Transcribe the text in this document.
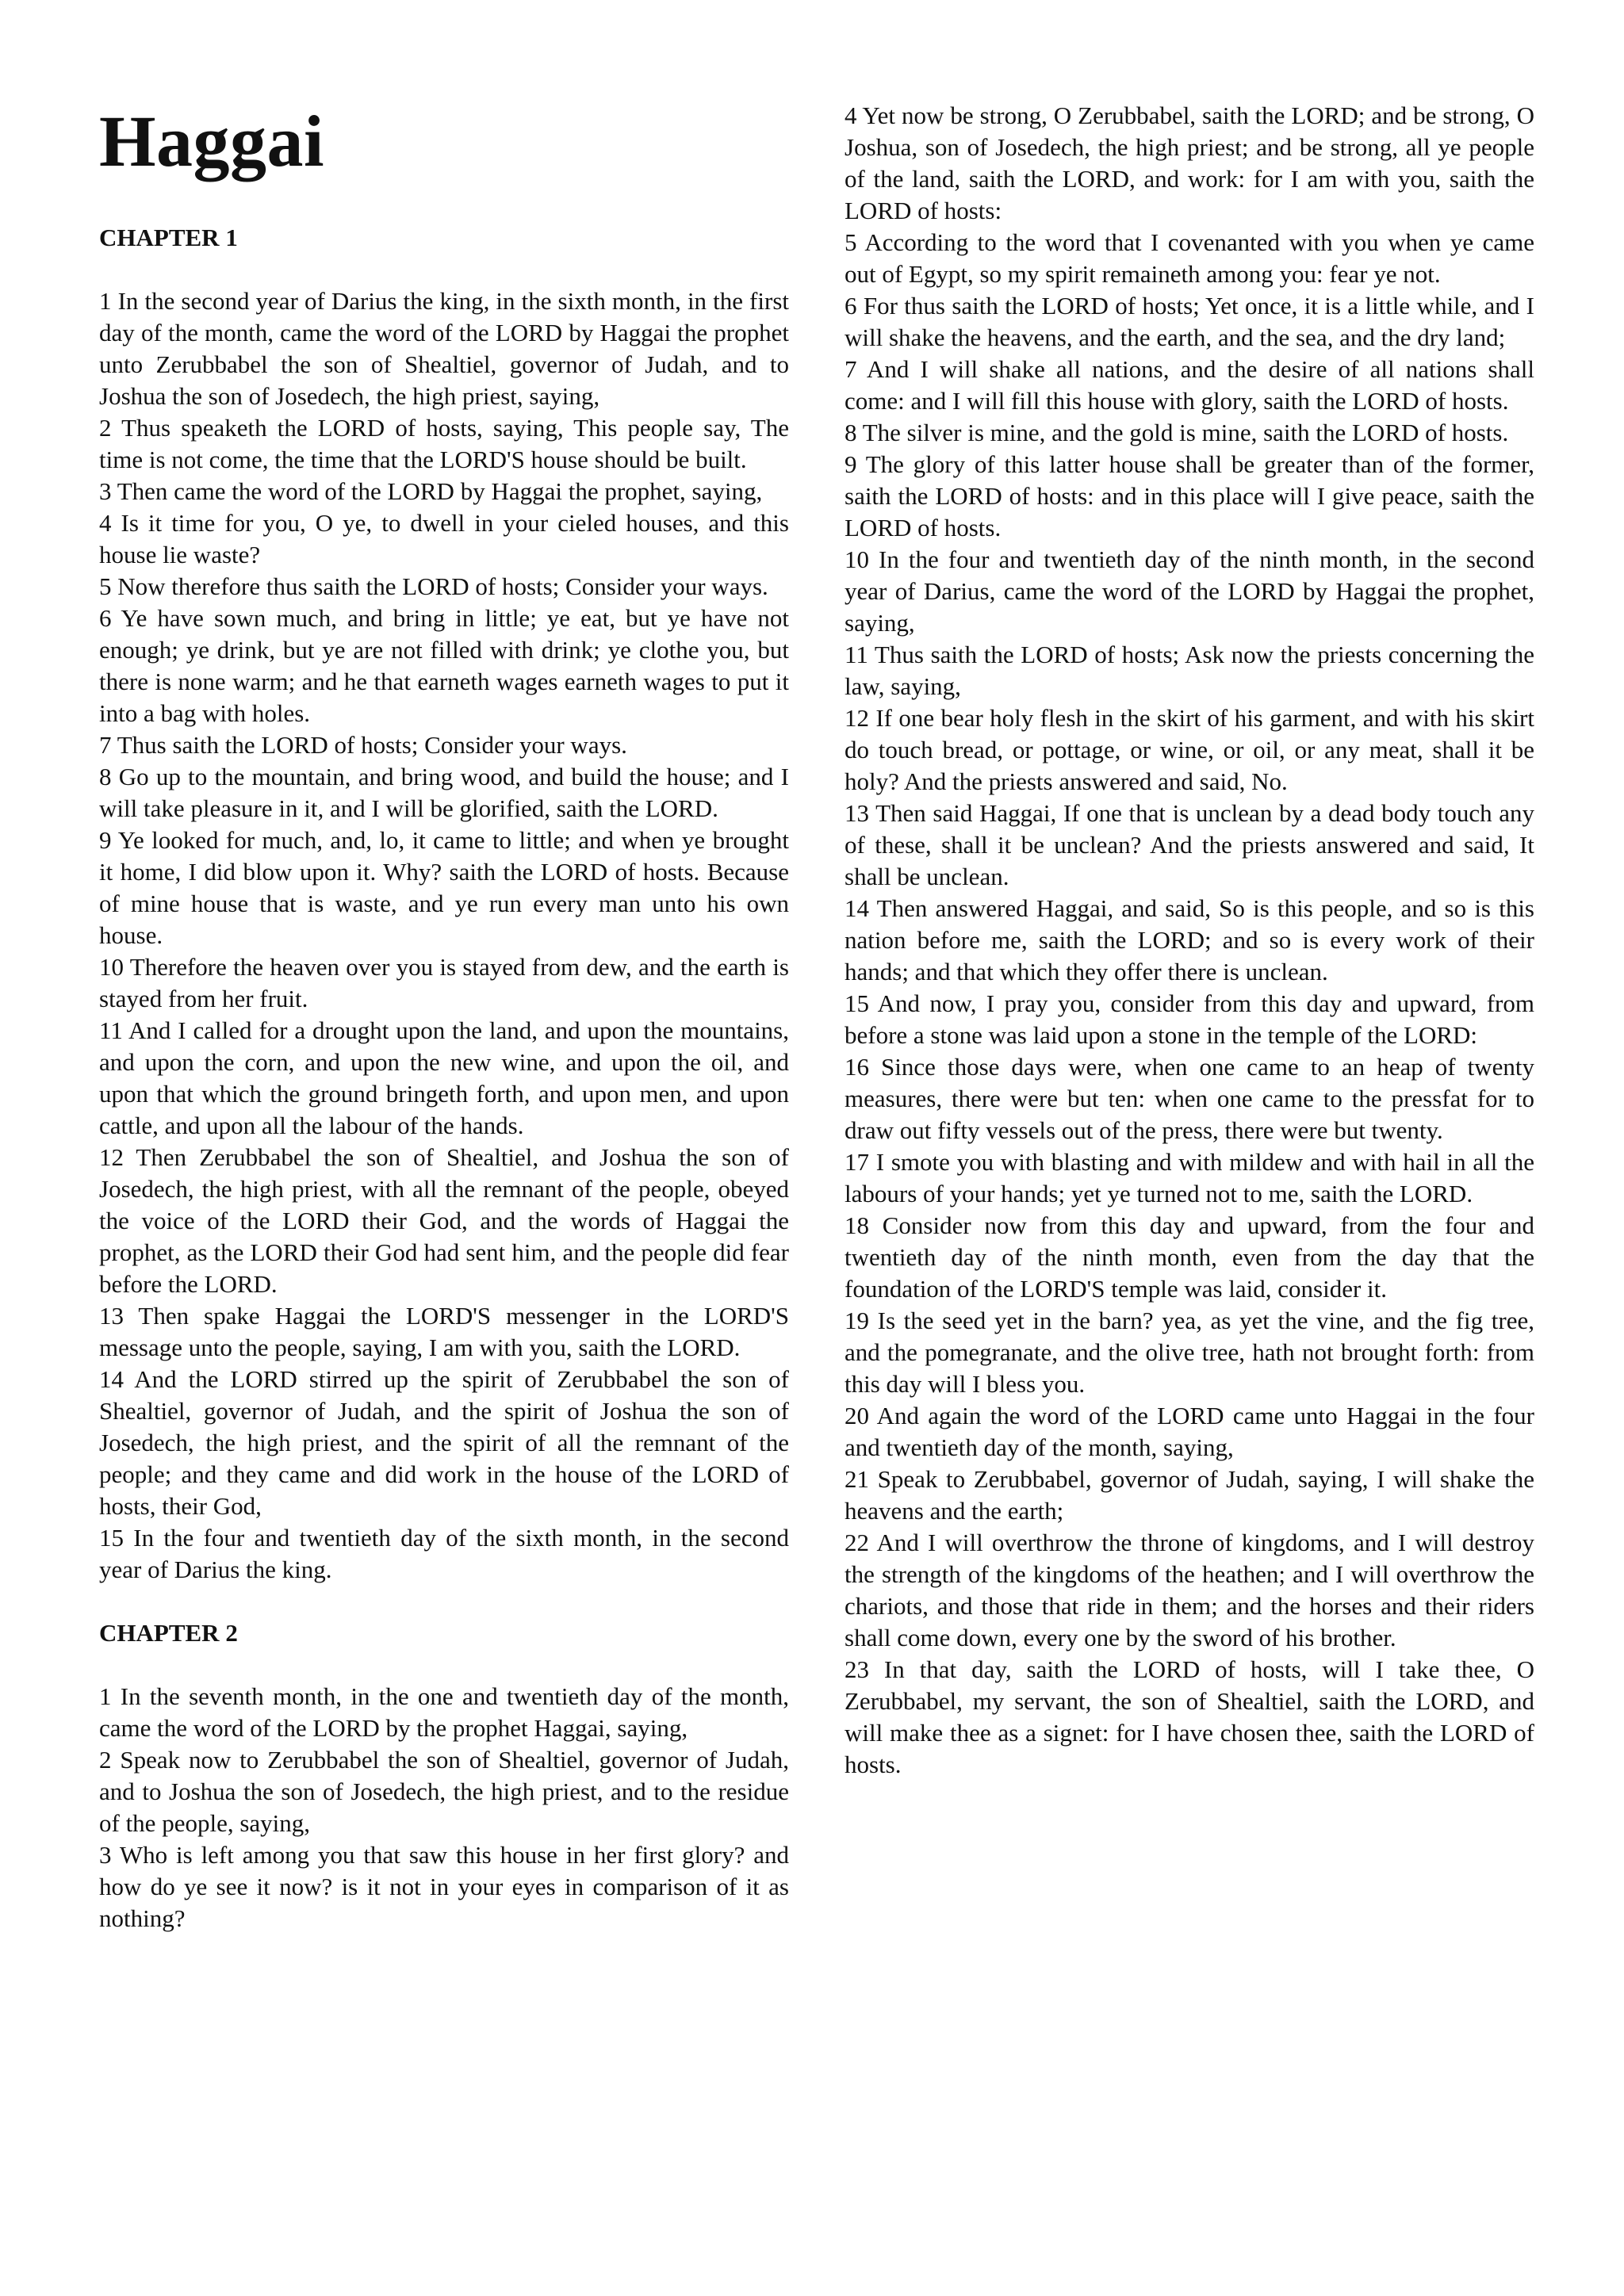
Haggai
CHAPTER 1

1 In the second year of Darius the king, in the sixth month, in the first day of the month, came the word of the LORD by Haggai the prophet unto Zerubbabel the son of Shealtiel, governor of Judah, and to Joshua the son of Josedech, the high priest, saying,

2 Thus speaketh the LORD of hosts, saying, This people say, The time is not come, the time that the LORD'S house should be built.

3 Then came the word of the LORD by Haggai the prophet, saying,

4 Is it time for you, O ye, to dwell in your cieled houses, and this house lie waste?

5 Now therefore thus saith the LORD of hosts; Consider your ways.

6 Ye have sown much, and bring in little; ye eat, but ye have not enough; ye drink, but ye are not filled with drink; ye clothe you, but there is none warm; and he that earneth wages earneth wages to put it into a bag with holes.

7 Thus saith the LORD of hosts; Consider your ways.

8 Go up to the mountain, and bring wood, and build the house; and I will take pleasure in it, and I will be glorified, saith the LORD.

9 Ye looked for much, and, lo, it came to little; and when ye brought it home, I did blow upon it. Why? saith the LORD of hosts. Because of mine house that is waste, and ye run every man unto his own house.

10 Therefore the heaven over you is stayed from dew, and the earth is stayed from her fruit.

11 And I called for a drought upon the land, and upon the mountains, and upon the corn, and upon the new wine, and upon the oil, and upon that which the ground bringeth forth, and upon men, and upon cattle, and upon all the labour of the hands.

12 Then Zerubbabel the son of Shealtiel, and Joshua the son of Josedech, the high priest, with all the remnant of the people, obeyed the voice of the LORD their God, and the words of Haggai the prophet, as the LORD their God had sent him, and the people did fear before the LORD.

13 Then spake Haggai the LORD'S messenger in the LORD'S message unto the people, saying, I am with you, saith the LORD.

14 And the LORD stirred up the spirit of Zerubbabel the son of Shealtiel, governor of Judah, and the spirit of Joshua the son of Josedech, the high priest, and the spirit of all the remnant of the people; and they came and did work in the house of the LORD of hosts, their God,

15 In the four and twentieth day of the sixth month, in the second year of Darius the king.

CHAPTER 2

1 In the seventh month, in the one and twentieth day of the month, came the word of the LORD by the prophet Haggai, saying,

2 Speak now to Zerubbabel the son of Shealtiel, governor of Judah, and to Joshua the son of Josedech, the high priest, and to the residue of the people, saying,

3 Who is left among you that saw this house in her first glory? and how do ye see it now? is it not in your eyes in comparison of it as nothing?

4 Yet now be strong, O Zerubbabel, saith the LORD; and be strong, O Joshua, son of Josedech, the high priest; and be strong, all ye people of the land, saith the LORD, and work: for I am with you, saith the LORD of hosts:

5 According to the word that I covenanted with you when ye came out of Egypt, so my spirit remaineth among you: fear ye not.

6 For thus saith the LORD of hosts; Yet once, it is a little while, and I will shake the heavens, and the earth, and the sea, and the dry land;

7 And I will shake all nations, and the desire of all nations shall come: and I will fill this house with glory, saith the LORD of hosts.

8 The silver is mine, and the gold is mine, saith the LORD of hosts.

9 The glory of this latter house shall be greater than of the former, saith the LORD of hosts: and in this place will I give peace, saith the LORD of hosts.

10 In the four and twentieth day of the ninth month, in the second year of Darius, came the word of the LORD by Haggai the prophet, saying,

11 Thus saith the LORD of hosts; Ask now the priests concerning the law, saying,

12 If one bear holy flesh in the skirt of his garment, and with his skirt do touch bread, or pottage, or wine, or oil, or any meat, shall it be holy? And the priests answered and said, No.

13 Then said Haggai, If one that is unclean by a dead body touch any of these, shall it be unclean? And the priests answered and said, It shall be unclean.

14 Then answered Haggai, and said, So is this people, and so is this nation before me, saith the LORD; and so is every work of their hands; and that which they offer there is unclean.

15 And now, I pray you, consider from this day and upward, from before a stone was laid upon a stone in the temple of the LORD:

16 Since those days were, when one came to an heap of twenty measures, there were but ten: when one came to the pressfat for to draw out fifty vessels out of the press, there were but twenty.

17 I smote you with blasting and with mildew and with hail in all the labours of your hands; yet ye turned not to me, saith the LORD.

18 Consider now from this day and upward, from the four and twentieth day of the ninth month, even from the day that the foundation of the LORD'S temple was laid, consider it.

19 Is the seed yet in the barn? yea, as yet the vine, and the fig tree, and the pomegranate, and the olive tree, hath not brought forth: from this day will I bless you.

20 And again the word of the LORD came unto Haggai in the four and twentieth day of the month, saying,

21 Speak to Zerubbabel, governor of Judah, saying, I will shake the heavens and the earth;

22 And I will overthrow the throne of kingdoms, and I will destroy the strength of the kingdoms of the heathen; and I will overthrow the chariots, and those that ride in them; and the horses and their riders shall come down, every one by the sword of his brother.

23 In that day, saith the LORD of hosts, will I take thee, O Zerubbabel, my servant, the son of Shealtiel, saith the LORD, and will make thee as a signet: for I have chosen thee, saith the LORD of hosts.
